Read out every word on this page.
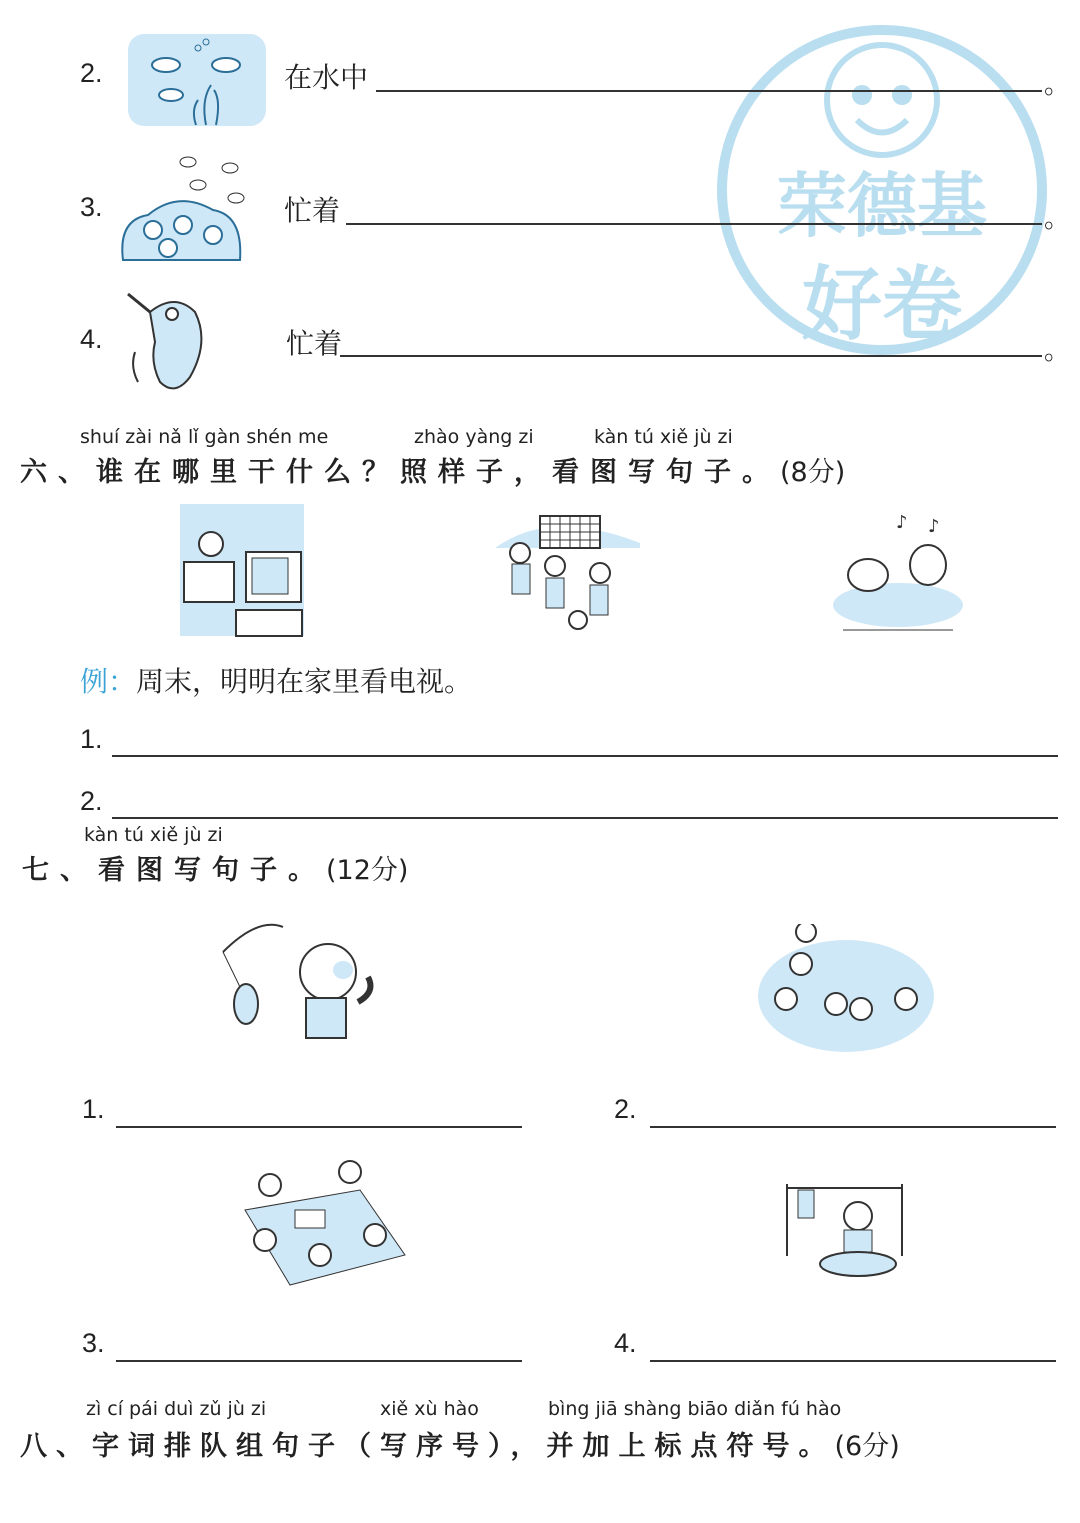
荣德基
好卷
2.	在水中	。
3.	忙着	。
4.	忙着	。
shuí zài nǎ lǐ gàn shén me	zhào yàng zi	kàn tú xiě jù zi
六、谁在哪里干什么？照样子，看图写句子。(8分)
♪ ♪
例：周末，明明在家里看电视。
1.
2.
kàn tú xiě jù zi
七、看图写句子。(12分)
1.	2.
3.	4.
zì cí pái duì zǔ jù zi	xiě xù hào	bìng jiā shàng biāo diǎn fú hào
八、字词排队组句子（写序号），并加上标点符号。(6分)
